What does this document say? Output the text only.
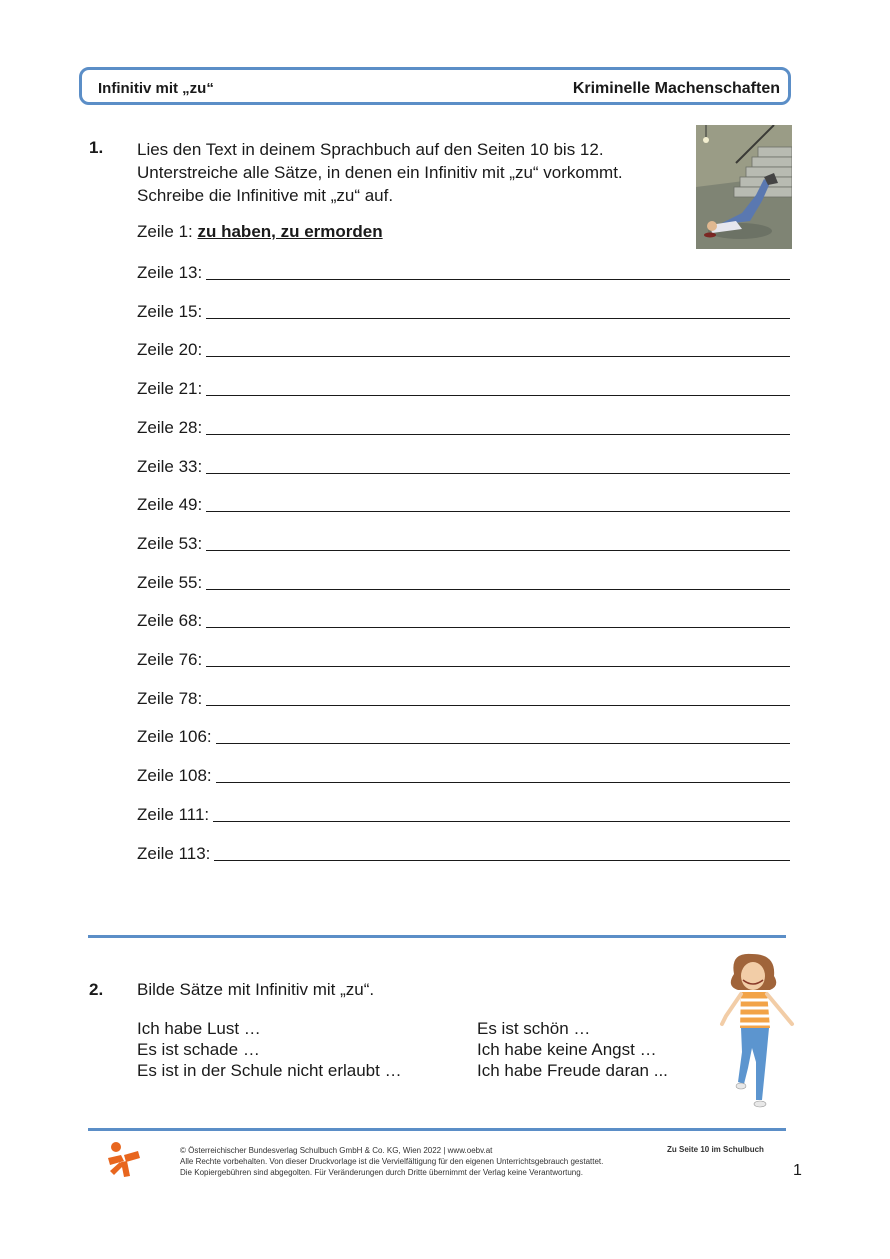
Infinitiv mit „zu“	Kriminelle Machenschaften
1. Lies den Text in deinem Sprachbuch auf den Seiten 10 bis 12.
Unterstreiche alle Sätze, in denen ein Infinitiv mit „zu“ vorkommt.
Schreibe die Infinitive mit „zu“ auf.
Zeile 1: zu haben, zu ermorden
Zeile 13:
Zeile 15:
Zeile 20:
Zeile 21:
Zeile 28:
Zeile 33:
Zeile 49:
Zeile 53:
Zeile 55:
Zeile 68:
Zeile 76:
Zeile 78:
Zeile 106:
Zeile 108:
Zeile 111:
Zeile 113:
2. Bilde Sätze mit Infinitiv mit „zu“.
Ich habe Lust …
Es ist schade …
Es ist in der Schule nicht erlaubt …
Es ist schön …
Ich habe keine Angst …
Ich habe Freude daran ...
© Österreichischer Bundesverlag Schulbuch GmbH & Co. KG, Wien 2022 | www.oebv.at
Alle Rechte vorbehalten. Von dieser Druckvorlage ist die Vervielfältigung für den eigenen Unterrichtsgebrauch gestattet.
Die Kopiergebühren sind abgegolten. Für Veränderungen durch Dritte übernimmt der Verlag keine Verantwortung.
Zu Seite 10 im Schulbuch
1
